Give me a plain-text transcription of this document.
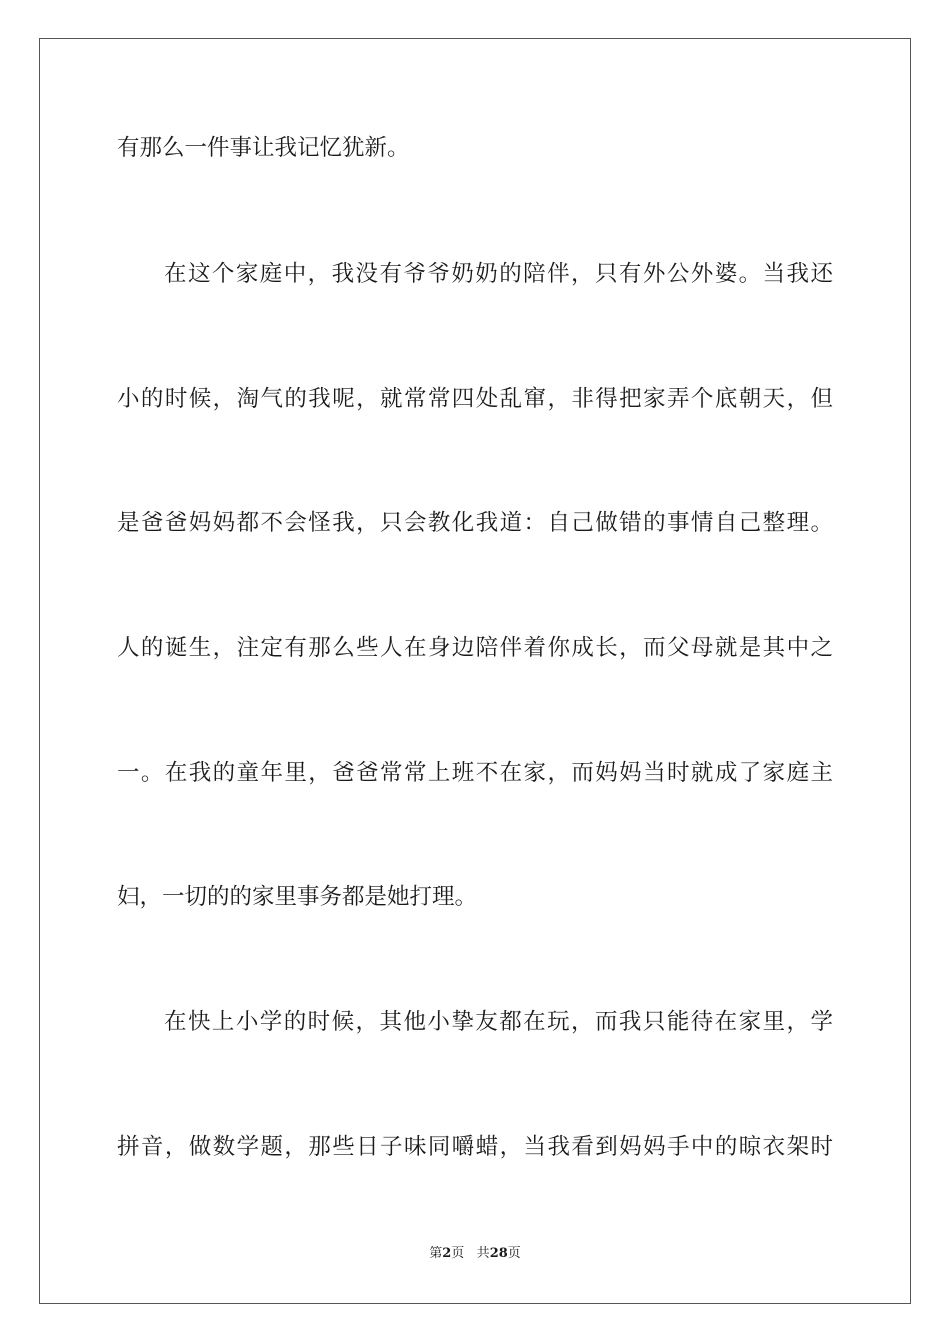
有那么一件事让我记忆犹新。
在这个家庭中，我没有爷爷奶奶的陪伴，只有外公外婆。当我还
小的时候，淘气的我呢，就常常四处乱窜，非得把家弄个底朝天，但
是爸爸妈妈都不会怪我，只会教化我道：自己做错的事情自己整理。
人的诞生，注定有那么些人在身边陪伴着你成长，而父母就是其中之
一。在我的童年里，爸爸常常上班不在家，而妈妈当时就成了家庭主
妇，一切的的家里事务都是她打理。
在快上小学的时候，其他小挚友都在玩，而我只能待在家里，学
拼音，做数学题，那些日子味同嚼蜡，当我看到妈妈手中的晾衣架时
第2页 共28页
